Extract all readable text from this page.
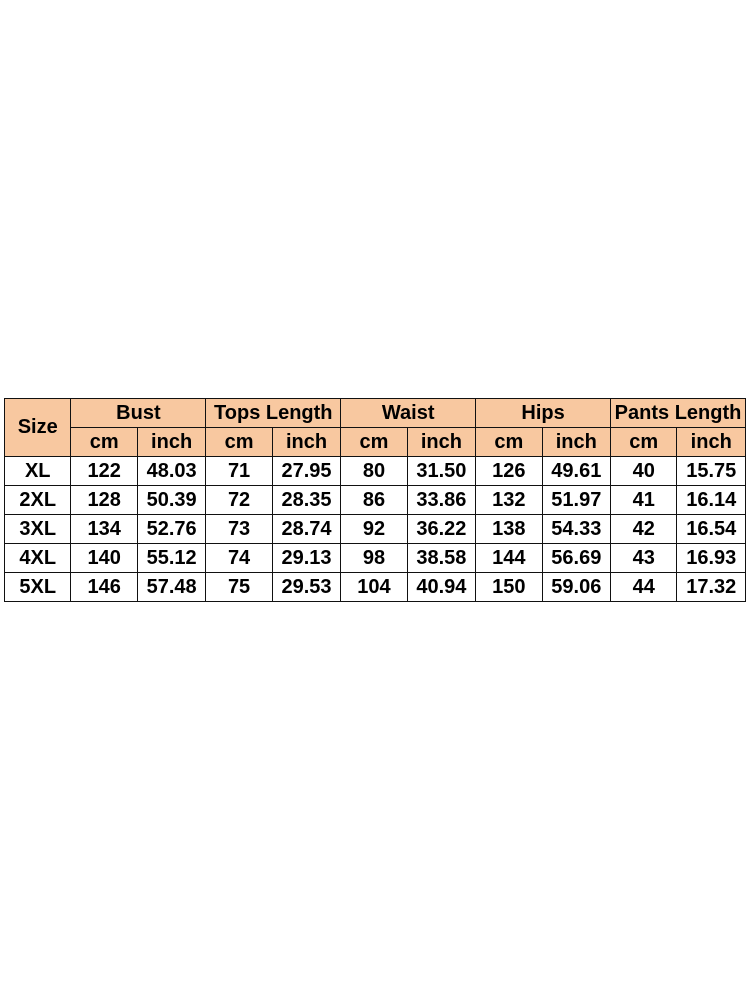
Size	Bust		Tops Length		Waist		Hips		Pants Length	
	cm	inch	cm	inch	cm	inch	cm	inch	cm	inch
XL	122	48.03	71	27.95	80	31.50	126	49.61	40	15.75
2XL	128	50.39	72	28.35	86	33.86	132	51.97	41	16.14
3XL	134	52.76	73	28.74	92	36.22	138	54.33	42	16.54
4XL	140	55.12	74	29.13	98	38.58	144	56.69	43	16.93
5XL	146	57.48	75	29.53	104	40.94	150	59.06	44	17.32
